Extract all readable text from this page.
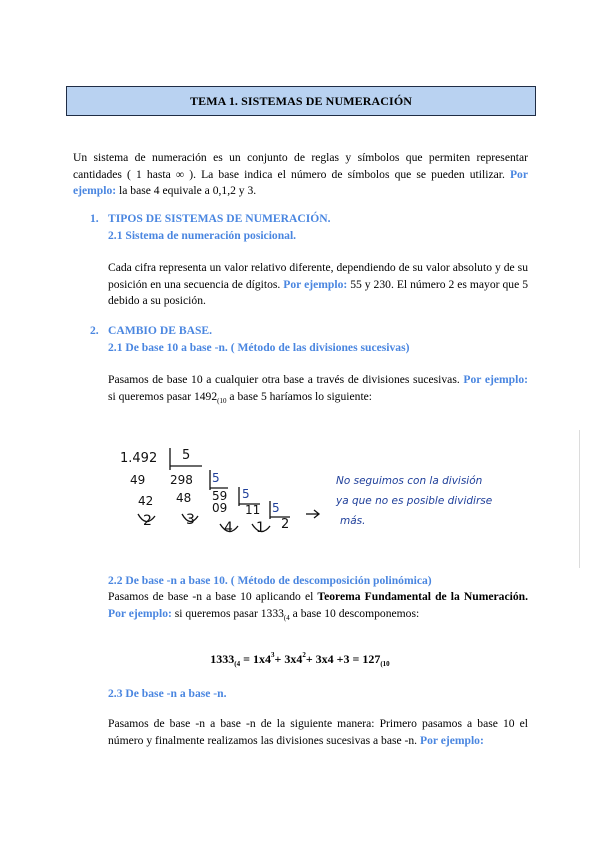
TEMA 1. SISTEMAS DE NUMERACIÓN
Un sistema de numeración es un conjunto de reglas y símbolos que permiten representar cantidades ( 1 hasta ∞ ). La base indica el número de símbolos que se pueden utilizar. Por ejemplo: la base 4 equivale a 0,1,2 y 3.
1. TIPOS DE SISTEMAS DE NUMERACIÓN.
2.1 Sistema de numeración posicional.
Cada cifra representa un valor relativo diferente, dependiendo de su valor absoluto y de su posición en una secuencia de dígitos. Por ejemplo: 55 y 230. El número 2 es mayor que 5 debido a su posición.
2. CAMBIO DE BASE.
2.1 De base 10 a base -n. ( Método de las divisiones sucesivas)
Pasamos de base 10 a cualquier otra base a través de divisiones sucesivas. Por ejemplo: si queremos pasar $1492_{(10}$ a base 5 haríamos lo siguiente:
1.492 5
49 298 5
42 48 59 5
2 3
09 11 5
4 1 2
No seguimos con la división
ya que no es posible dividirse
más.
2.2 De base -n a base 10. ( Método de descomposición polinómica)
Pasamos de base -n a base 10 aplicando el Teorema Fundamental de la Numeración. Por ejemplo: si queremos pasar $1333_{(4}$ a base 10 descomponemos:
$1333_{(4} = 1x4^3+ 3x4^2+ 3x4 +3 = 127_{(10}$
2.3 De base -n a base -n.
Pasamos de base -n a base -n de la siguiente manera: Primero pasamos a base 10 el número y finalmente realizamos las divisiones sucesivas a base -n. Por ejemplo:
